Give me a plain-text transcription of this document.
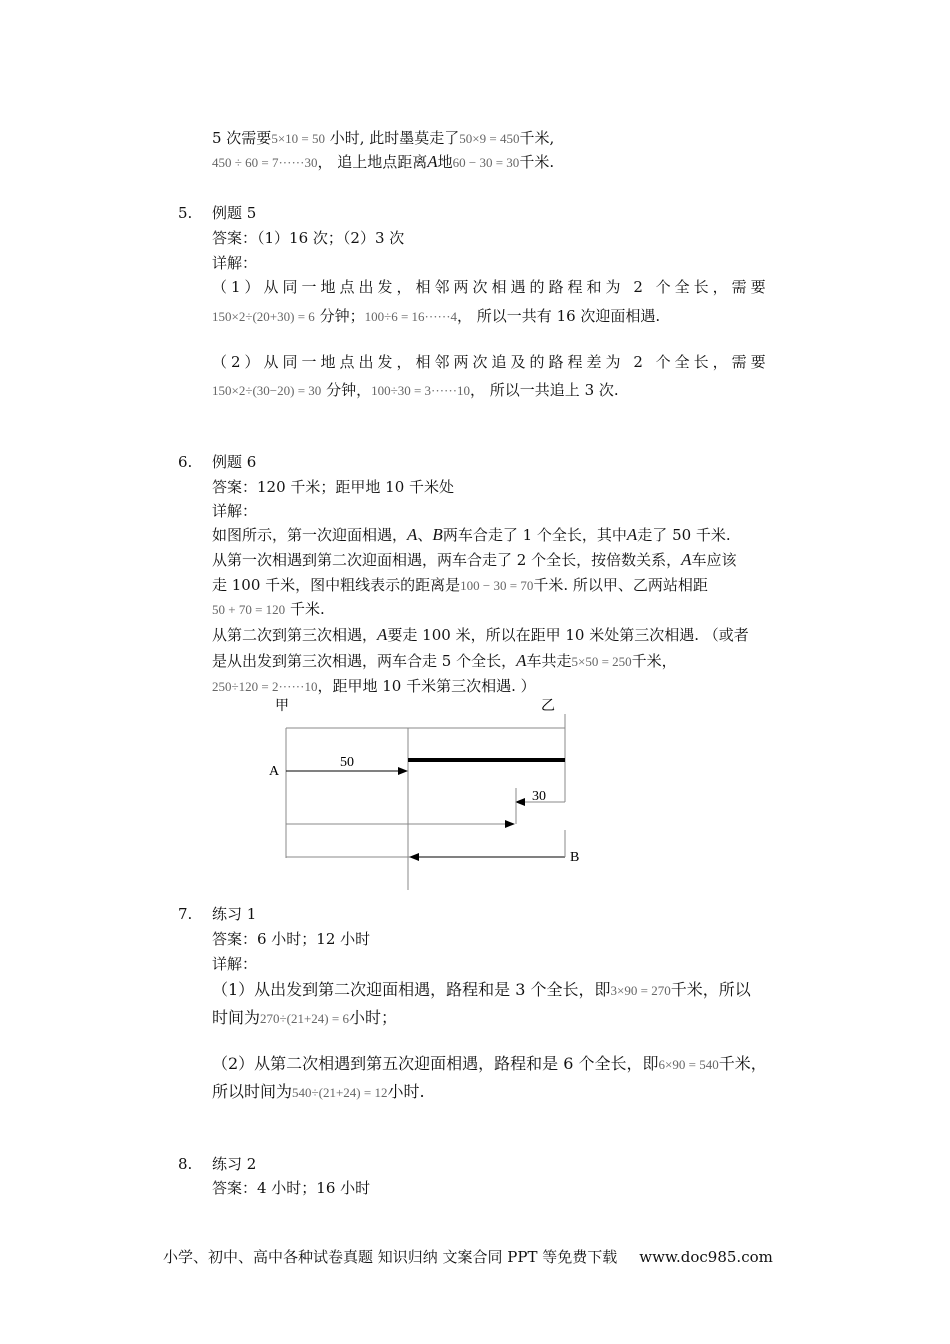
5 次需要5×10 = 50 小时, 此时墨莫走了50×9 = 450千米,
450 ÷ 60 = 7······30， 追上地点距离A地60 − 30 = 30千米.
5. 例题 5
答案：（1）16 次；（2）3 次
详解：
（1）从同一地点出发，相邻两次相遇的路程和为 2 个全长，需要
150×2÷(20+30) = 6 分钟；100÷6 = 16······4， 所以一共有 16 次迎面相遇.
（2）从同一地点出发，相邻两次追及的路程差为 2 个全长，需要
150×2÷(30−20) = 30 分钟，100÷30 = 3······10， 所以一共追上 3 次.
6. 例题 6
答案：120 千米；距甲地 10 千米处
详解：
如图所示，第一次迎面相遇，A、B两车合走了 1 个全长，其中A走了 50 千米.
从第一次相遇到第二次迎面相遇，两车合走了 2 个全长，按倍数关系，A车应该
走 100 千米，图中粗线表示的距离是100 − 30 = 70千米. 所以甲、乙两站相距
50 + 70 = 120 千米.
从第二次到第三次相遇，A要走 100 米，所以在距甲 10 米处第三次相遇. （或者
是从出发到第三次相遇，两车合走 5 个全长，A车共走5×50 = 250千米，
250÷120 = 2······10，距甲地 10 千米第三次相遇. ）
甲	乙
A
50
30
B
7. 练习 1
答案：6 小时；12 小时
详解：
（1）从出发到第二次迎面相遇，路程和是 3 个全长，即3×90 = 270千米，所以
时间为270÷(21+24) = 6小时；
（2）从第二次相遇到第五次迎面相遇，路程和是 6 个全长，即6×90 = 540千米，
所以时间为540÷(21+24) = 12小时.
8. 练习 2
答案：4 小时；16 小时
小学、初中、高中各种试卷真题 知识归纳 文案合同 PPT 等免费下载 www.doc985.com
